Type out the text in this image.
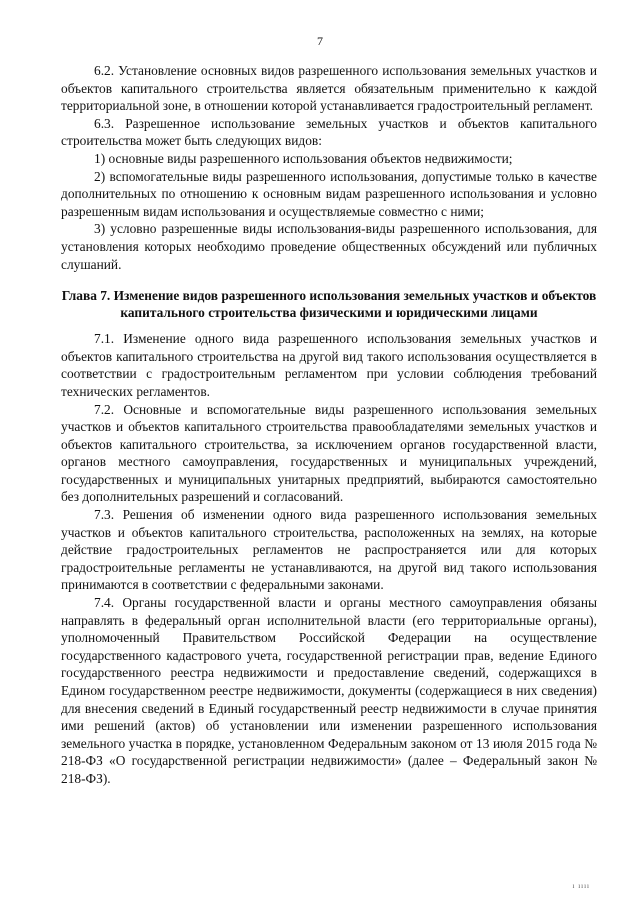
7

6.2. Установление основных видов разрешенного использования земельных участков и объектов капитального строительства является обязательным применительно к каждой территориальной зоне, в отношении которой устанавливается градостроительный регламент.

6.3. Разрешенное использование земельных участков и объектов капитального строительства может быть следующих видов:

1) основные виды разрешенного использования объектов недвижимости;

2) вспомогательные виды разрешенного использования, допустимые только в качестве дополнительных по отношению к основным видам разрешенного использования и условно разрешенным видам использования и осуществляемые совместно с ними;

3) условно разрешенные виды использования-виды разрешенного использования, для установления которых необходимо проведение общественных обсуждений или публичных слушаний.

Глава 7. Изменение видов разрешенного использования земельных участков и объектов капитального строительства физическими и юридическими лицами

7.1. Изменение одного вида разрешенного использования земельных участков и объектов капитального строительства на другой вид такого использования осуществляется в соответствии с градостроительным регламентом при условии соблюдения требований технических регламентов.

7.2. Основные и вспомогательные виды разрешенного использования земельных участков и объектов капитального строительства правообладателями земельных участков и объектов капитального строительства, за исключением органов государственной власти, органов местного самоуправления, государственных и муниципальных учреждений, государственных и муниципальных унитарных предприятий, выбираются самостоятельно без дополнительных разрешений и согласований.

7.3. Решения об изменении одного вида разрешенного использования земельных участков и объектов капитального строительства, расположенных на землях, на которые действие градостроительных регламентов не распространяется или для которых градостроительные регламенты не устанавливаются, на другой вид такого использования принимаются в соответствии с федеральными законами.

7.4. Органы государственной власти и органы местного самоуправления обязаны направлять в федеральный орган исполнительной власти (его территориальные органы), уполномоченный Правительством Российской Федерации на осуществление государственного кадастрового учета, государственной регистрации прав, ведение Единого государственного реестра недвижимости и предоставление сведений, содержащихся в Едином государственном реестре недвижимости, документы (содержащиеся в них сведения) для внесения сведений в Единый государственный реестр недвижимости в случае принятия ими решений (актов) об установлении или изменении разрешенного использования земельного участка в порядке, установленном Федеральным законом от 13 июля 2015 года № 218-ФЗ «О государственной регистрации недвижимости» (далее – Федеральный закон № 218-ФЗ).

ı ıııı
